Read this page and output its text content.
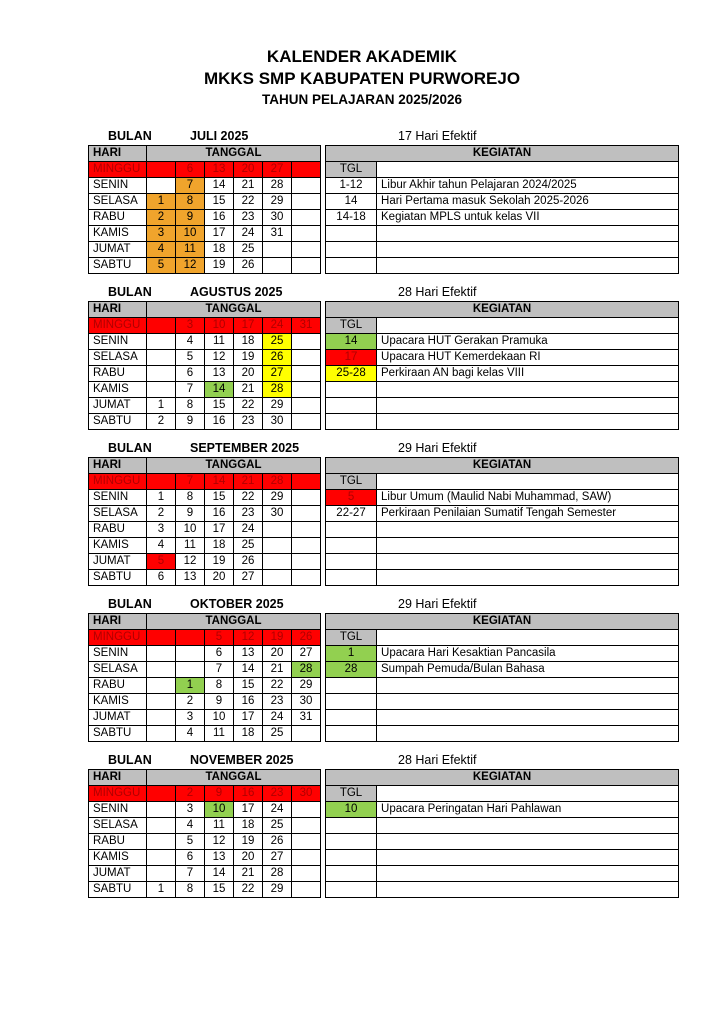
KALENDER AKADEMIK
MKKS SMP KABUPATEN PURWOREJO
TAHUN PELAJARAN 2025/2026
BULAN	JULI 2025	17 Hari Efektif
HARI	TANGGAL					
MINGGU		6	13	20	27	
SENIN		7	14	21	28	
SELASA	1	8	15	22	29	
RABU	2	9	16	23	30	
KAMIS	3	10	17	24	31	
JUMAT	4	11	18	25		
SABTU	5	12	19	26		
KEGIATAN	
TGL	
1-12	Libur Akhir tahun Pelajaran 2024/2025
14	Hari Pertama masuk Sekolah 2025-2026
14-18	Kegiatan MPLS untuk kelas VII

BULAN	AGUSTUS 2025	28 Hari Efektif
HARI	TANGGAL					
MINGGU		3	10	17	24	31
SENIN		4	11	18	25	
SELASA		5	12	19	26	
RABU		6	13	20	27	
KAMIS		7	14	21	28	
JUMAT	1	8	15	22	29	
SABTU	2	9	16	23	30	
KEGIATAN	
TGL	
14	Upacara HUT Gerakan Pramuka
17	Upacara HUT Kemerdekaan RI
25-28	Perkiraan AN bagi kelas VIII

BULAN	SEPTEMBER 2025	29 Hari Efektif
HARI	TANGGAL					
MINGGU		7	14	21	28	
SENIN	1	8	15	22	29	
SELASA	2	9	16	23	30	
RABU	3	10	17	24		
KAMIS	4	11	18	25		
JUMAT	5	12	19	26		
SABTU	6	13	20	27		
KEGIATAN	
TGL	
5	Libur Umum (Maulid Nabi Muhammad, SAW)
22-27	Perkiraan Penilaian Sumatif Tengah Semester

BULAN	OKTOBER 2025	29 Hari Efektif
HARI	TANGGAL					
MINGGU			5	12	19	26
SENIN			6	13	20	27
SELASA			7	14	21	28
RABU		1	8	15	22	29
KAMIS		2	9	16	23	30
JUMAT		3	10	17	24	31
SABTU		4	11	18	25	
KEGIATAN	
TGL	
1	Upacara Hari Kesaktian Pancasila
28	Sumpah Pemuda/Bulan Bahasa

BULAN	NOVEMBER 2025	28 Hari Efektif
HARI	TANGGAL					
MINGGU		2	9	16	23	30
SENIN		3	10	17	24	
SELASA		4	11	18	25	
RABU		5	12	19	26	
KAMIS		6	13	20	27	
JUMAT		7	14	21	28	
SABTU	1	8	15	22	29	
KEGIATAN	
TGL	
10	Upacara Peringatan Hari Pahlawan
